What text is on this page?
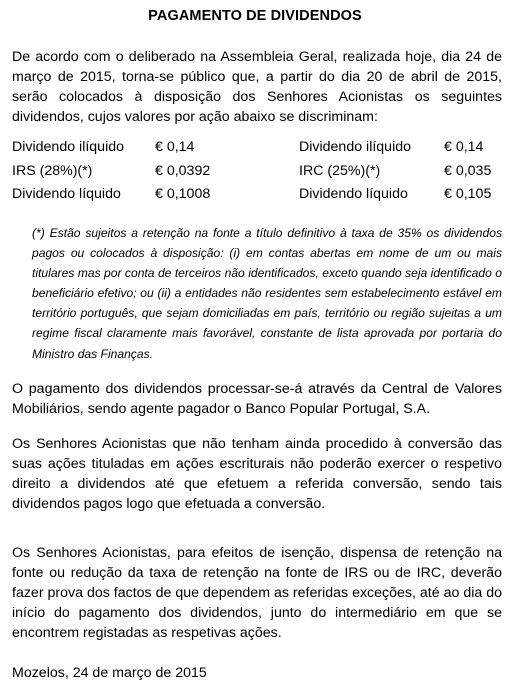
PAGAMENTO DE DIVIDENDOS
De acordo com o deliberado na Assembleia Geral, realizada hoje, dia 24 de março de 2015, torna-se público que, a partir do dia 20 de abril de 2015, serão colocados à disposição dos Senhores Acionistas os seguintes dividendos, cujos valores por ação abaixo se discriminam:
Dividendo ilíquido € 0,14	Dividendo ilíquido € 0,14
IRS (28%)(*)	€ 0,0392	IRC (25%)(*)	€ 0,035
Dividendo líquido € 0,1008	Dividendo líquido	€ 0,105
(*) Estão sujeitos a retenção na fonte a título definitivo à taxa de 35% os dividendos pagos ou colocados à disposição: (i) em contas abertas em nome de um ou mais titulares mas por conta de terceiros não identificados, exceto quando seja identificado o beneficiário efetivo; ou (ii) a entidades não residentes sem estabelecimento estável em território português, que sejam domiciliadas em país, território ou região sujeitas a um regime fiscal claramente mais favorável, constante de lista aprovada por portaria do Ministro das Finanças.
O pagamento dos dividendos processar-se-á através da Central de Valores Mobiliários, sendo agente pagador o Banco Popular Portugal, S.A.
Os Senhores Acionistas que não tenham ainda procedido à conversão das suas ações tituladas em ações escriturais não poderão exercer o respetivo direito a dividendos até que efetuem a referida conversão, sendo tais dividendos pagos logo que efetuada a conversão.
Os Senhores Acionistas, para efeitos de isenção, dispensa de retenção na fonte ou redução da taxa de retenção na fonte de IRS ou de IRC, deverão fazer prova dos factos de que dependem as referidas exceções, até ao dia do início do pagamento dos dividendos, junto do intermediário em que se encontrem registadas as respetivas ações.
Mozelos, 24 de março de 2015
